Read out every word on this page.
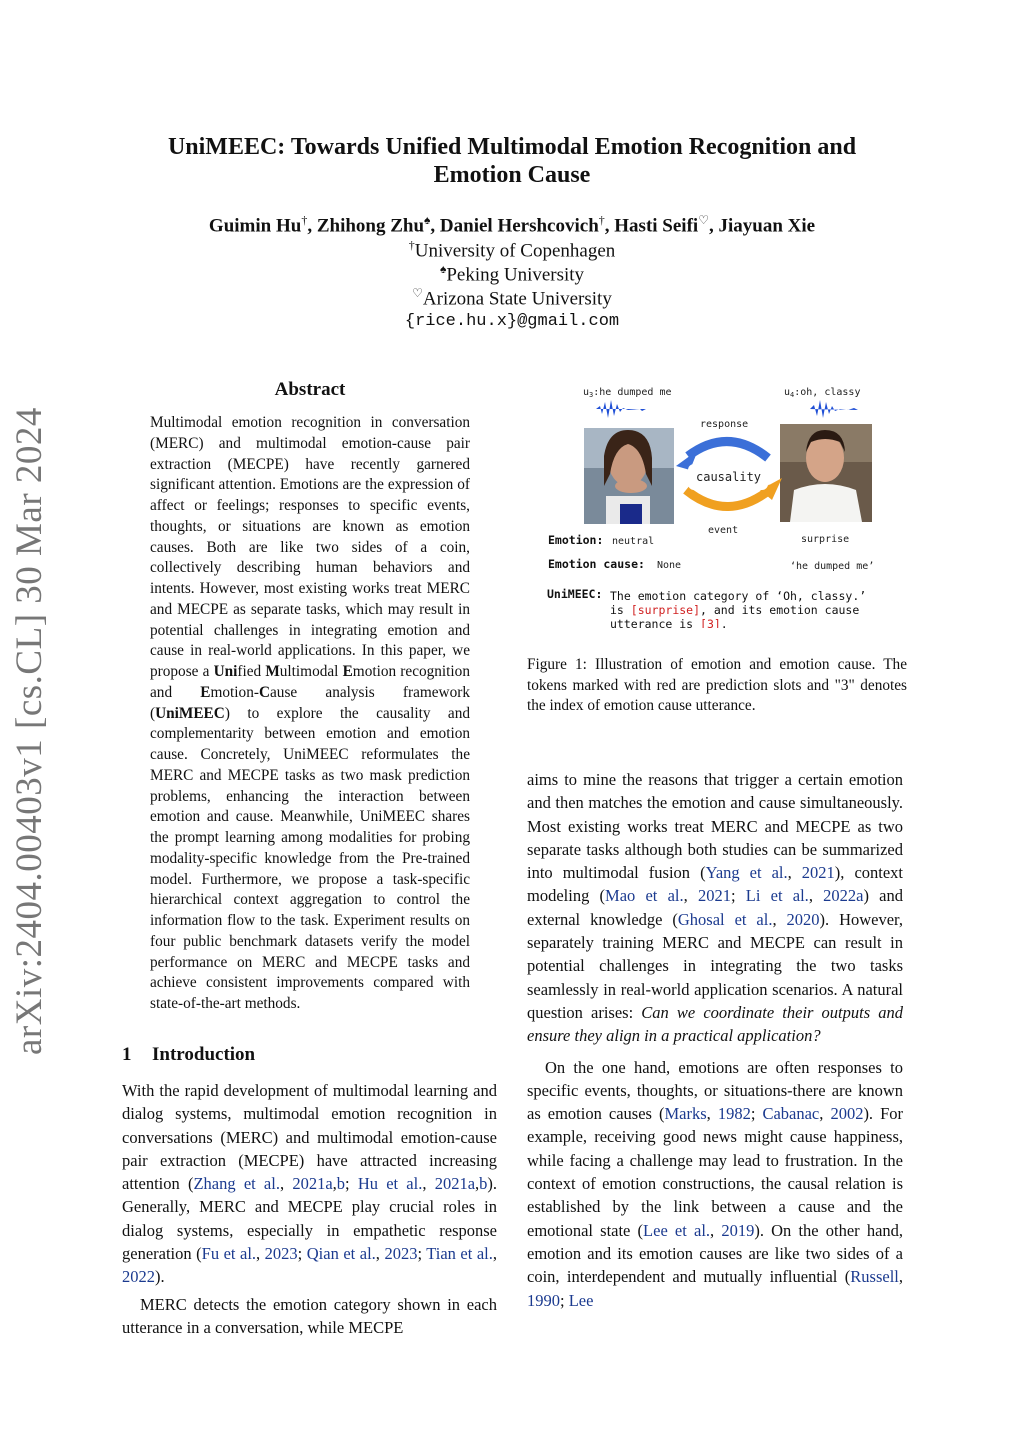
arXiv:2404.00403v1 [cs.CL] 30 Mar 2024
UniMEEC: Towards Unified Multimodal Emotion Recognition and
Emotion Cause
Guimin Hu†, Zhihong Zhu♠, Daniel Hershcovich†, Hasti Seifi♡, Jiayuan Xie
†University of Copenhagen
♠Peking University
♡Arizona State University
{rice.hu.x}@gmail.com
Abstract
Multimodal emotion recognition in conversation (MERC) and multimodal emotion-cause pair extraction (MECPE) have recently garnered significant attention. Emotions are the expression of affect or feelings; responses to specific events, thoughts, or situations are known as emotion causes. Both are like two sides of a coin, collectively describing human behaviors and intents. However, most existing works treat MERC and MECPE as separate tasks, which may result in potential challenges in integrating emotion and cause in real-world applications. In this paper, we propose a Unified Multimodal Emotion recognition and Emotion-Cause analysis framework (UniMEEC) to explore the causality and complementarity between emotion and emotion cause. Concretely, UniMEEC reformulates the MERC and MECPE tasks as two mask prediction problems, enhancing the interaction between emotion and cause. Meanwhile, UniMEEC shares the prompt learning among modalities for probing modality-specific knowledge from the Pre-trained model. Furthermore, we propose a task-specific hierarchical context aggregation to control the information flow to the task. Experiment results on four public benchmark datasets verify the model performance on MERC and MECPE tasks and achieve consistent improvements compared with state-of-the-art methods.
1 Introduction

With the rapid development of multimodal learning and dialog systems, multimodal emotion recognition in conversations (MERC) and multimodal emotion-cause pair extraction (MECPE) have attracted increasing attention (Zhang et al., 2021a,b; Hu et al., 2021a,b). Generally, MERC and MECPE play crucial roles in dialog systems, especially in empathetic response generation (Fu et al., 2023; Qian et al., 2023; Tian et al., 2022).

MERC detects the emotion category shown in each utterance in a conversation, while MECPE

$u_3:he$ dumped me	$u_4:oh$, classy
response
causality
event
Emotion: neutral	surprise
Emotion cause: None	‘he dumped me’
UniMEEC: The emotion category of ‘Oh, classy.’
is [surprise], and its emotion cause
utterance is [3].
Figure 1: Illustration of emotion and emotion cause. The tokens marked with red are prediction slots and "3" denotes the index of emotion cause utterance.

aims to mine the reasons that trigger a certain emotion and then matches the emotion and cause simultaneously. Most existing works treat MERC and MECPE as two separate tasks although both studies can be summarized into multimodal fusion (Yang et al., 2021), context modeling (Mao et al., 2021; Li et al., 2022a) and external knowledge (Ghosal et al., 2020). However, separately training MERC and MECPE can result in potential challenges in integrating the two tasks seamlessly in real-world application scenarios. A natural question arises: Can we coordinate their outputs and ensure they align in a practical application?

On the one hand, emotions are often responses to specific events, thoughts, or situations-there are known as emotion causes (Marks, 1982; Cabanac, 2002). For example, receiving good news might cause happiness, while facing a challenge may lead to frustration. In the context of emotion constructions, the causal relation is established by the link between a cause and the emotional state (Lee et al., 2019). On the other hand, emotion and its emotion causes are like two sides of a coin, interdependent and mutually influential (Russell, 1990; Lee
